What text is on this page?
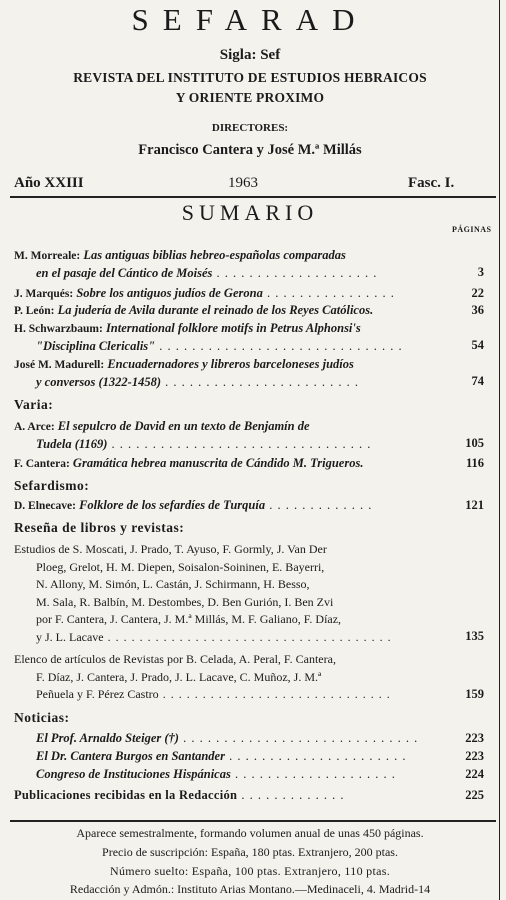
SEFARAD
Sigla: Sef
REVISTA DEL INSTITUTO DE ESTUDIOS HEBRAICOS
Y ORIENTE PROXIMO
DIRECTORES:
Francisco Cantera y José M.ª Millás
Año XXIII	1963	Fasc. I.
SUMARIO
PÁGINAS
M. Morreale: Las antiguas biblias hebreo-españolas comparadas
en el pasaje del Cántico de Moisés . . . . . . . . . . . . . . . . . . . .	3
J. Marqués: Sobre los antiguos judíos de Gerona . . . . . . . . . . . . . . . .	22
P. León: La judería de Avila durante el reinado de los Reyes Católicos.	36
H. Schwarzbaum: International folklore motifs in Petrus Alphonsi's
"Disciplina Clericalis" . . . . . . . . . . . . . . . . . . . . . . . . . . . . . .	54
José M. Madurell: Encuadernadores y libreros barceloneses judíos
y conversos (1322-1458) . . . . . . . . . . . . . . . . . . . . . . . .	74
Varia:
A. Arce: El sepulcro de David en un texto de Benjamín de
Tudela (1169) . . . . . . . . . . . . . . . . . . . . . . . . . . . . . . . .	105
F. Cantera: Gramática hebrea manuscrita de Cándido M. Trigueros.	116
Sefardismo:
D. Elnecave: Folklore de los sefardíes de Turquía . . . . . . . . . . . . .	121
Reseña de libros y revistas:
Estudios de S. Moscati, J. Prado, T. Ayuso, F. Gormly, J. Van Der
Ploeg, Grelot, H. M. Diepen, Soisalon-Soininen, E. Bayerri,
N. Allony, M. Simón, L. Castán, J. Schirmann, H. Besso,
M. Sala, R. Balbín, M. Destombes, D. Ben Gurión, I. Ben Zvi
por F. Cantera, J. Cantera, J. M.ª Millás, M. F. Galiano, F. Díaz,
y J. L. Lacave . . . . . . . . . . . . . . . . . . . . . . . . . . . . . . . . . . . .	135
Elenco de artículos de Revistas por B. Celada, A. Peral, F. Cantera,
F. Díaz, J. Cantera, J. Prado, J. L. Lacave, C. Muñoz, J. M.ª
Peñuela y F. Pérez Castro . . . . . . . . . . . . . . . . . . . . . . . . . . . . .	159
Noticias:
El Prof. Arnaldo Steiger (†) . . . . . . . . . . . . . . . . . . . . . . . . . . . . .	223
El Dr. Cantera Burgos en Santander . . . . . . . . . . . . . . . . . . . . . .	223
Congreso de Instituciones Hispánicas . . . . . . . . . . . . . . . . . . . .	224
Publicaciones recibidas en la Redacción . . . . . . . . . . . . .	225
Aparece semestralmente, formando volumen anual de unas 450 páginas.
Precio de suscripción: España, 180 ptas. Extranjero, 200 ptas.
Número suelto: España, 100 ptas. Extranjero, 110 ptas.
Redacción y Admón.: Instituto Arias Montano.—Medinaceli, 4. Madrid-14
